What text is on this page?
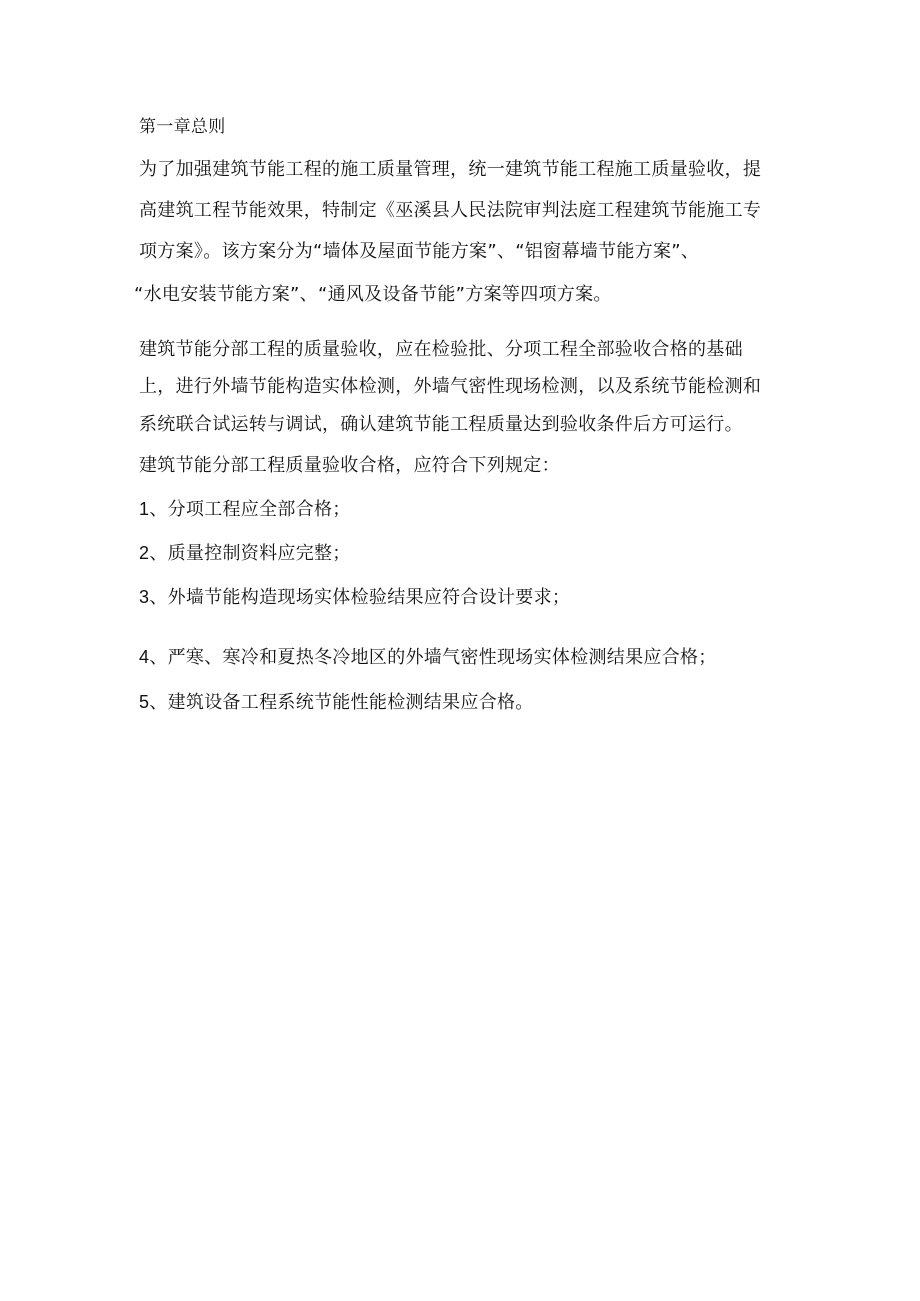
第一章总则
为了加强建筑节能工程的施工质量管理，统一建筑节能工程施工质量验收，提
高建筑工程节能效果，特制定《巫溪县人民法院审判法庭工程建筑节能施工专
项方案》。该方案分为“墙体及屋面节能方案”、“铝窗幕墙节能方案”、
“水电安装节能方案”、“通风及设备节能”方案等四项方案。
建筑节能分部工程的质量验收，应在检验批、分项工程全部验收合格的基础
上，进行外墙节能构造实体检测，外墙气密性现场检测，以及系统节能检测和
系统联合试运转与调试，确认建筑节能工程质量达到验收条件后方可运行。
建筑节能分部工程质量验收合格，应符合下列规定：
1、分项工程应全部合格；
2、质量控制资料应完整；
3、外墙节能构造现场实体检验结果应符合设计要求；
4、严寒、寒冷和夏热冬冷地区的外墙气密性现场实体检测结果应合格；
5、建筑设备工程系统节能性能检测结果应合格。
